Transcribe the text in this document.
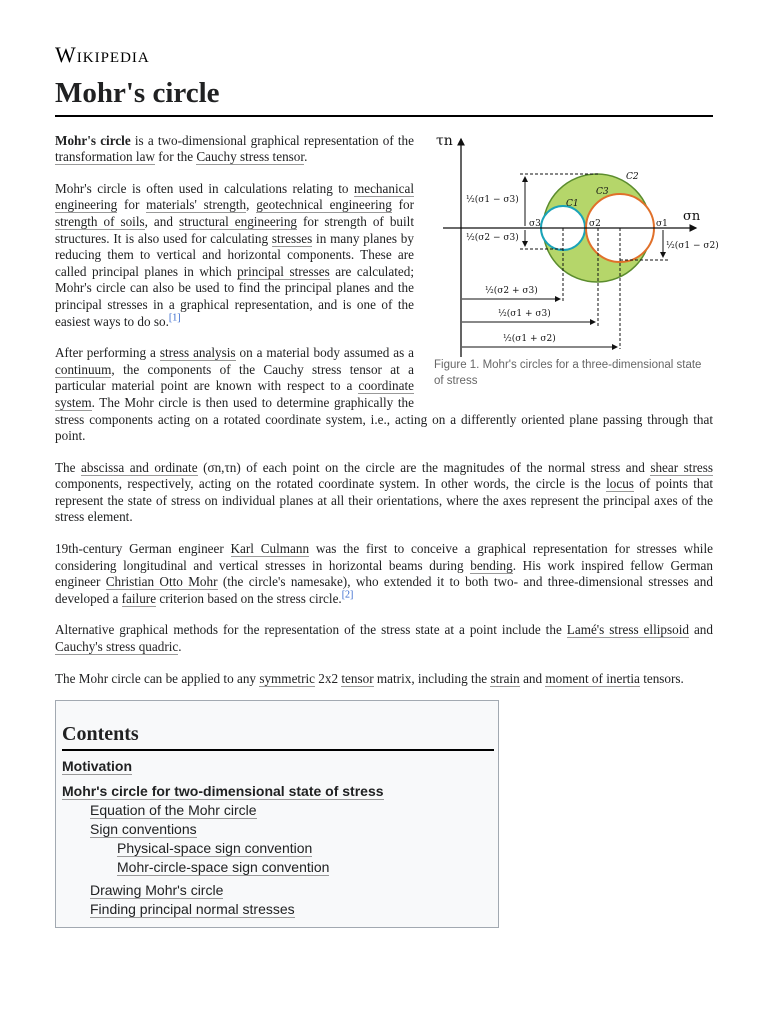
Wikipedia
Mohr's circle
τn
σn
C2
C1
C3
σ1
σ2
σ3
½(σ1 − σ3)
½(σ2 − σ3)
½(σ1 − σ2)
½(σ2 + σ3)
½(σ1 + σ3)
½(σ1 + σ2)
Figure 1. Mohr's circles for a three-dimensional state of stress

Mohr's circle is a two-dimensional graphical representation of the transformation law for the Cauchy stress tensor.

Mohr's circle is often used in calculations relating to mechanical engineering for materials' strength, geotechnical engineering for strength of soils, and structural engineering for strength of built structures. It is also used for calculating stresses in many planes by reducing them to vertical and horizontal components. These are called principal planes in which principal stresses are calculated; Mohr's circle can also be used to find the principal planes and the principal stresses in a graphical representation, and is one of the easiest ways to do so.[1]

After performing a stress analysis on a material body assumed as a continuum, the components of the Cauchy stress tensor at a particular material point are known with respect to a coordinate system. The Mohr circle is then used to determine graphically the stress components acting on a rotated coordinate system, i.e., acting on a differently oriented plane passing through that point.

The abscissa and ordinate (σn,τn) of each point on the circle are the magnitudes of the normal stress and shear stress components, respectively, acting on the rotated coordinate system. In other words, the circle is the locus of points that represent the state of stress on individual planes at all their orientations, where the axes represent the principal axes of the stress element.

19th-century German engineer Karl Culmann was the first to conceive a graphical representation for stresses while considering longitudinal and vertical stresses in horizontal beams during bending. His work inspired fellow German engineer Christian Otto Mohr (the circle's namesake), who extended it to both two- and three-dimensional stresses and developed a failure criterion based on the stress circle.[2]

Alternative graphical methods for the representation of the stress state at a point include the Lamé's stress ellipsoid and Cauchy's stress quadric.

The Mohr circle can be applied to any symmetric 2x2 tensor matrix, including the strain and moment of inertia tensors.

Contents
Motivation
Mohr's circle for two-dimensional state of stress
Equation of the Mohr circle
Sign conventions
Physical-space sign convention
Mohr-circle-space sign convention
Drawing Mohr's circle
Finding principal normal stresses
